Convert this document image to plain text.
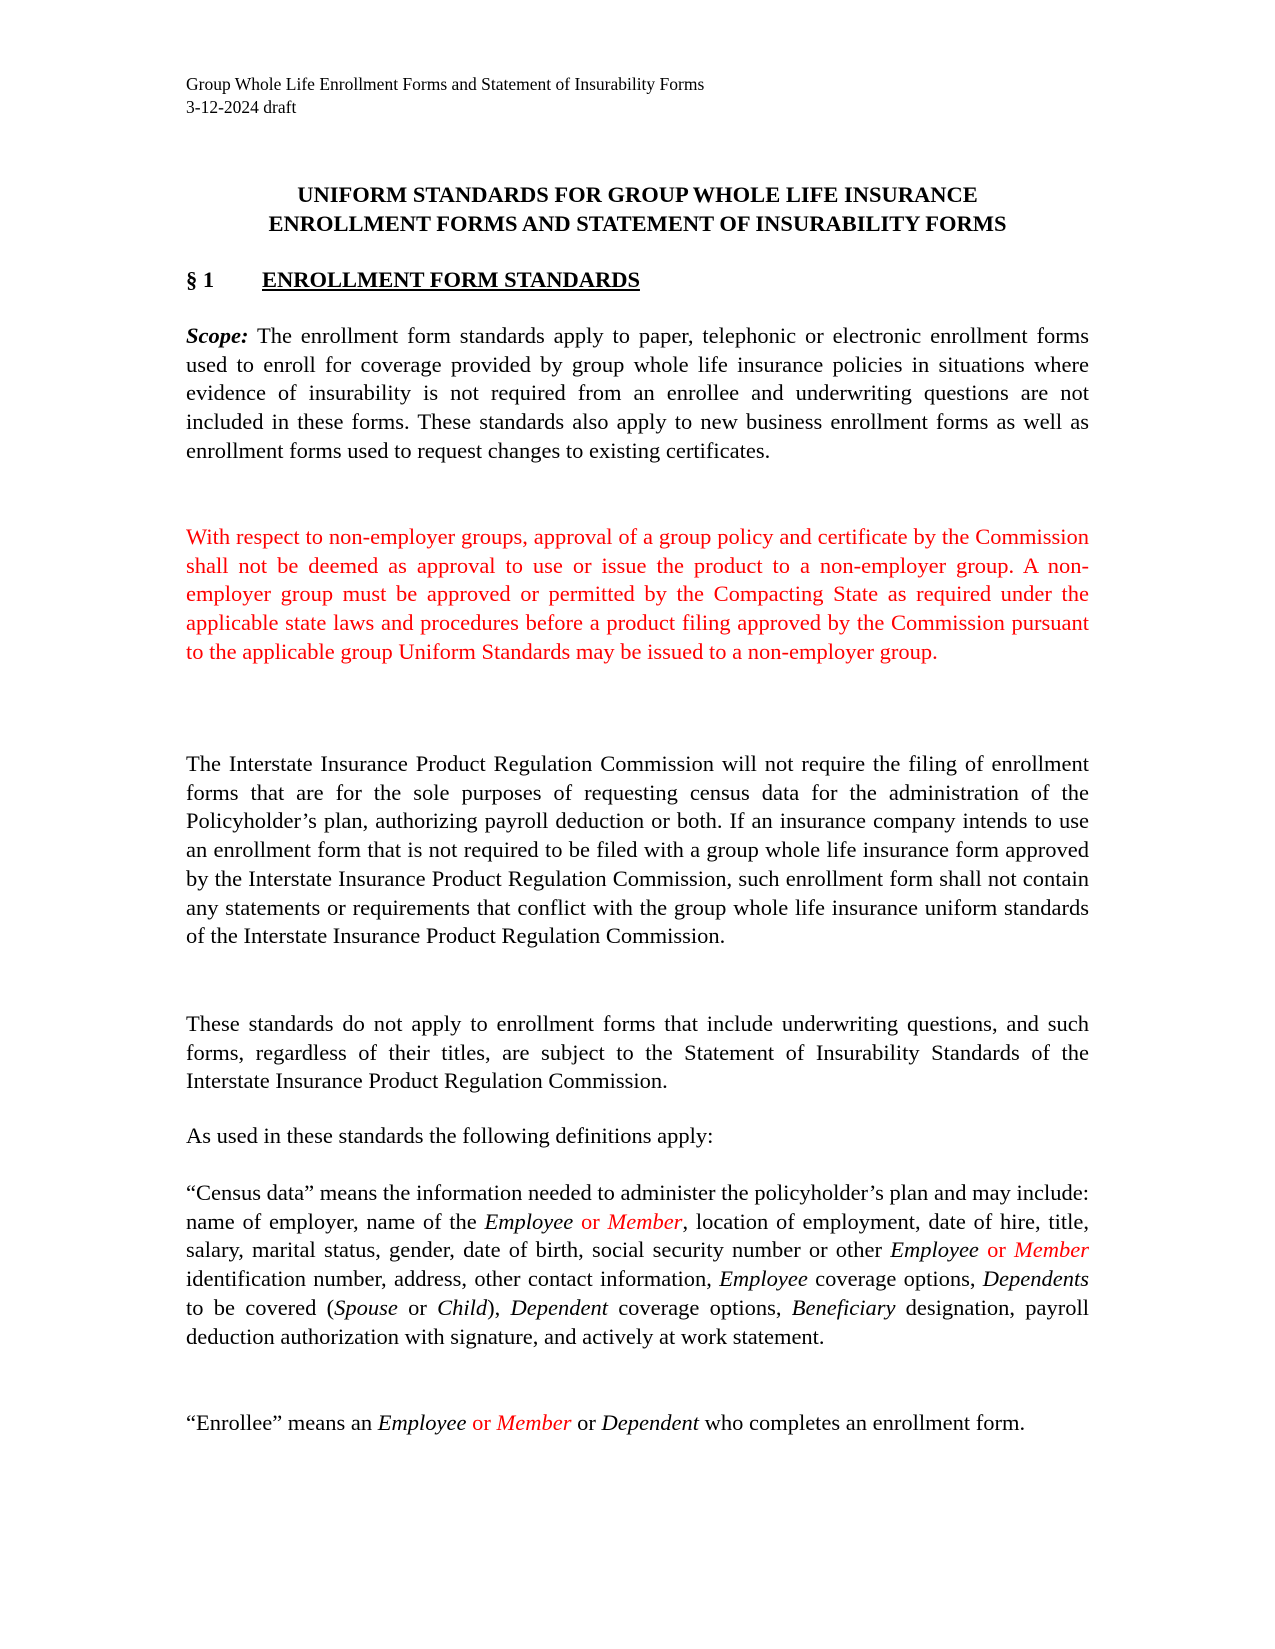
Group Whole Life Enrollment Forms and Statement of Insurability Forms
3-12-2024 draft
UNIFORM STANDARDS FOR GROUP WHOLE LIFE INSURANCE
ENROLLMENT FORMS AND STATEMENT OF INSURABILITY FORMS
§ 1 ENROLLMENT FORM STANDARDS

Scope: The enrollment form standards apply to paper, telephonic or electronic enrollment forms used to enroll for coverage provided by group whole life insurance policies in situations where evidence of insurability is not required from an enrollee and underwriting questions are not included in these forms. These standards also apply to new business enrollment forms as well as enrollment forms used to request changes to existing certificates.

With respect to non-employer groups, approval of a group policy and certificate by the Commission shall not be deemed as approval to use or issue the product to a non-employer group. A non-employer group must be approved or permitted by the Compacting State as required under the applicable state laws and procedures before a product filing approved by the Commission pursuant to the applicable group Uniform Standards may be issued to a non-employer group.

The Interstate Insurance Product Regulation Commission will not require the filing of enrollment forms that are for the sole purposes of requesting census data for the administration of the Policyholder’s plan, authorizing payroll deduction or both. If an insurance company intends to use an enrollment form that is not required to be filed with a group whole life insurance form approved by the Interstate Insurance Product Regulation Commission, such enrollment form shall not contain any statements or requirements that conflict with the group whole life insurance uniform standards of the Interstate Insurance Product Regulation Commission.

These standards do not apply to enrollment forms that include underwriting questions, and such forms, regardless of their titles, are subject to the Statement of Insurability Standards of the Interstate Insurance Product Regulation Commission.

As used in these standards the following definitions apply:

“Census data” means the information needed to administer the policyholder’s plan and may include: name of employer, name of the Employee or Member, location of employment, date of hire, title, salary, marital status, gender, date of birth, social security number or other Employee or Member identification number, address, other contact information, Employee coverage options, Dependents to be covered (Spouse or Child), Dependent coverage options, Beneficiary designation, payroll deduction authorization with signature, and actively at work statement.

“Enrollee” means an Employee or Member or Dependent who completes an enrollment form.
